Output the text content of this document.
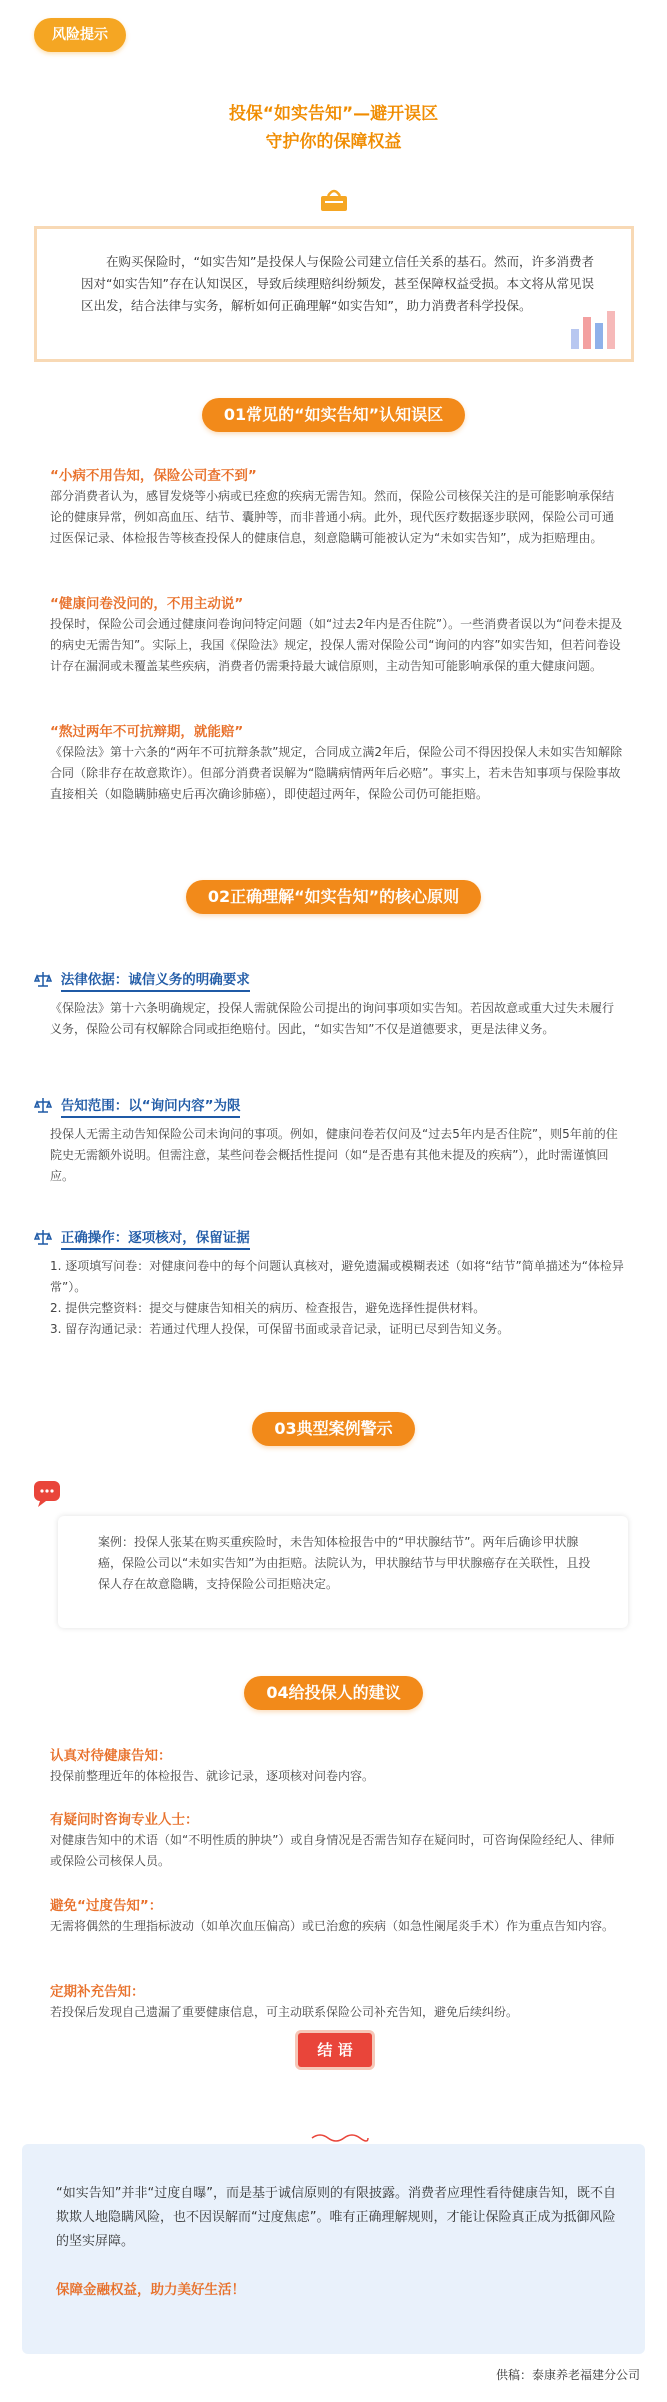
风险提示
投保“如实告知”—避开误区
守护你的保障权益
在购买保险时，“如实告知”是投保人与保险公司建立信任关系的基石。然而，许多消费者因对“如实告知”存在认知误区，导致后续理赔纠纷频发，甚至保障权益受损。本文将从常见误区出发，结合法律与实务，解析如何正确理解“如实告知”，助力消费者科学投保。
01常见的“如实告知”认知误区
“小病不用告知，保险公司查不到”
部分消费者认为，感冒发烧等小病或已痊愈的疾病无需告知。然而，保险公司核保关注的是可能影响承保结论的健康异常，例如高血压、结节、囊肿等，而非普通小病。此外，现代医疗数据逐步联网，保险公司可通过医保记录、体检报告等核查投保人的健康信息，刻意隐瞒可能被认定为“未如实告知”，成为拒赔理由。
“健康问卷没问的，不用主动说”
投保时，保险公司会通过健康问卷询问特定问题（如“过去2年内是否住院”）。一些消费者误以为“问卷未提及的病史无需告知”。实际上，我国《保险法》规定，投保人需对保险公司“询问的内容”如实告知，但若问卷设计存在漏洞或未覆盖某些疾病，消费者仍需秉持最大诚信原则，主动告知可能影响承保的重大健康问题。
“熬过两年不可抗辩期，就能赔”
《保险法》第十六条的“两年不可抗辩条款”规定，合同成立满2年后，保险公司不得因投保人未如实告知解除合同（除非存在故意欺诈）。但部分消费者误解为“隐瞒病情两年后必赔”。事实上，若未告知事项与保险事故直接相关（如隐瞒肺癌史后再次确诊肺癌），即使超过两年，保险公司仍可能拒赔。
02正确理解“如实告知”的核心原则
法律依据：诚信义务的明确要求
《保险法》第十六条明确规定，投保人需就保险公司提出的询问事项如实告知。若因故意或重大过失未履行义务，保险公司有权解除合同或拒绝赔付。因此，“如实告知”不仅是道德要求，更是法律义务。
告知范围：以“询问内容”为限
投保人无需主动告知保险公司未询问的事项。例如，健康问卷若仅问及“过去5年内是否住院”，则5年前的住院史无需额外说明。但需注意，某些问卷会概括性提问（如“是否患有其他未提及的疾病”），此时需谨慎回应。
正确操作：逐项核对，保留证据
1. 逐项填写问卷：对健康问卷中的每个问题认真核对，避免遗漏或模糊表述（如将“结节”简单描述为“体检异常”）。
2. 提供完整资料：提交与健康告知相关的病历、检查报告，避免选择性提供材料。
3. 留存沟通记录：若通过代理人投保，可保留书面或录音记录，证明已尽到告知义务。
03典型案例警示
案例：投保人张某在购买重疾险时，未告知体检报告中的“甲状腺结节”。两年后确诊甲状腺癌，保险公司以“未如实告知”为由拒赔。法院认为，甲状腺结节与甲状腺癌存在关联性，且投保人存在故意隐瞒，支持保险公司拒赔决定。
04给投保人的建议
认真对待健康告知：
投保前整理近年的体检报告、就诊记录，逐项核对问卷内容。
有疑问时咨询专业人士：
对健康告知中的术语（如“不明性质的肿块”）或自身情况是否需告知存在疑问时，可咨询保险经纪人、律师或保险公司核保人员。
避免“过度告知”：
无需将偶然的生理指标波动（如单次血压偏高）或已治愈的疾病（如急性阑尾炎手术）作为重点告知内容。
定期补充告知：
若投保后发现自己遗漏了重要健康信息，可主动联系保险公司补充告知，避免后续纠纷。
结 语
“如实告知”并非“过度自曝”，而是基于诚信原则的有限披露。消费者应理性看待健康告知，既不自欺欺人地隐瞒风险，也不因误解而“过度焦虑”。唯有正确理解规则，才能让保险真正成为抵御风险的坚实屏障。
保障金融权益，助力美好生活！
供稿：泰康养老福建分公司
